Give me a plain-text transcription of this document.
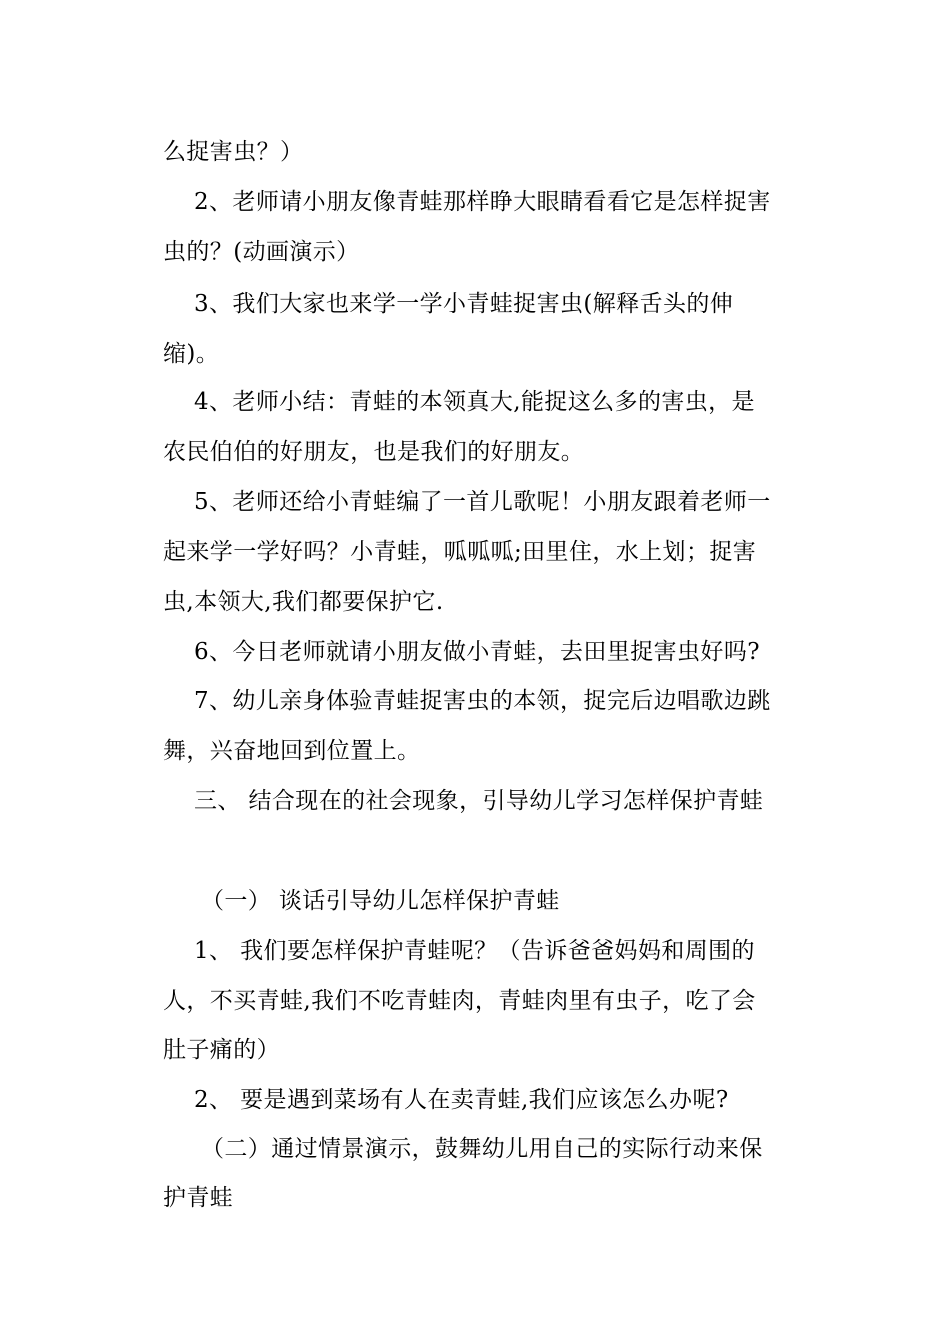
么捉害虫？）
2、老师请小朋友像青蛙那样睁大眼睛看看它是怎样捉害
虫的？(动画演示）
3、我们大家也来学一学小青蛙捉害虫(解释舌头的伸
缩)。
4、老师小结：青蛙的本领真大,能捉这么多的害虫，是
农民伯伯的好朋友，也是我们的好朋友。
5、老师还给小青蛙编了一首儿歌呢！小朋友跟着老师一
起来学一学好吗？小青蛙，呱呱呱;田里住，水上划；捉害
虫,本领大,我们都要保护它.
6、今日老师就请小朋友做小青蛙，去田里捉害虫好吗?
7、幼儿亲身体验青蛙捉害虫的本领，捉完后边唱歌边跳
舞，兴奋地回到位置上。
三、 结合现在的社会现象，引导幼儿学习怎样保护青蛙
（一） 谈话引导幼儿怎样保护青蛙
1、 我们要怎样保护青蛙呢？（告诉爸爸妈妈和周围的
人，不买青蛙,我们不吃青蛙肉，青蛙肉里有虫子，吃了会
肚子痛的）
2、 要是遇到菜场有人在卖青蛙,我们应该怎么办呢?
（二）通过情景演示，鼓舞幼儿用自己的实际行动来保
护青蛙
